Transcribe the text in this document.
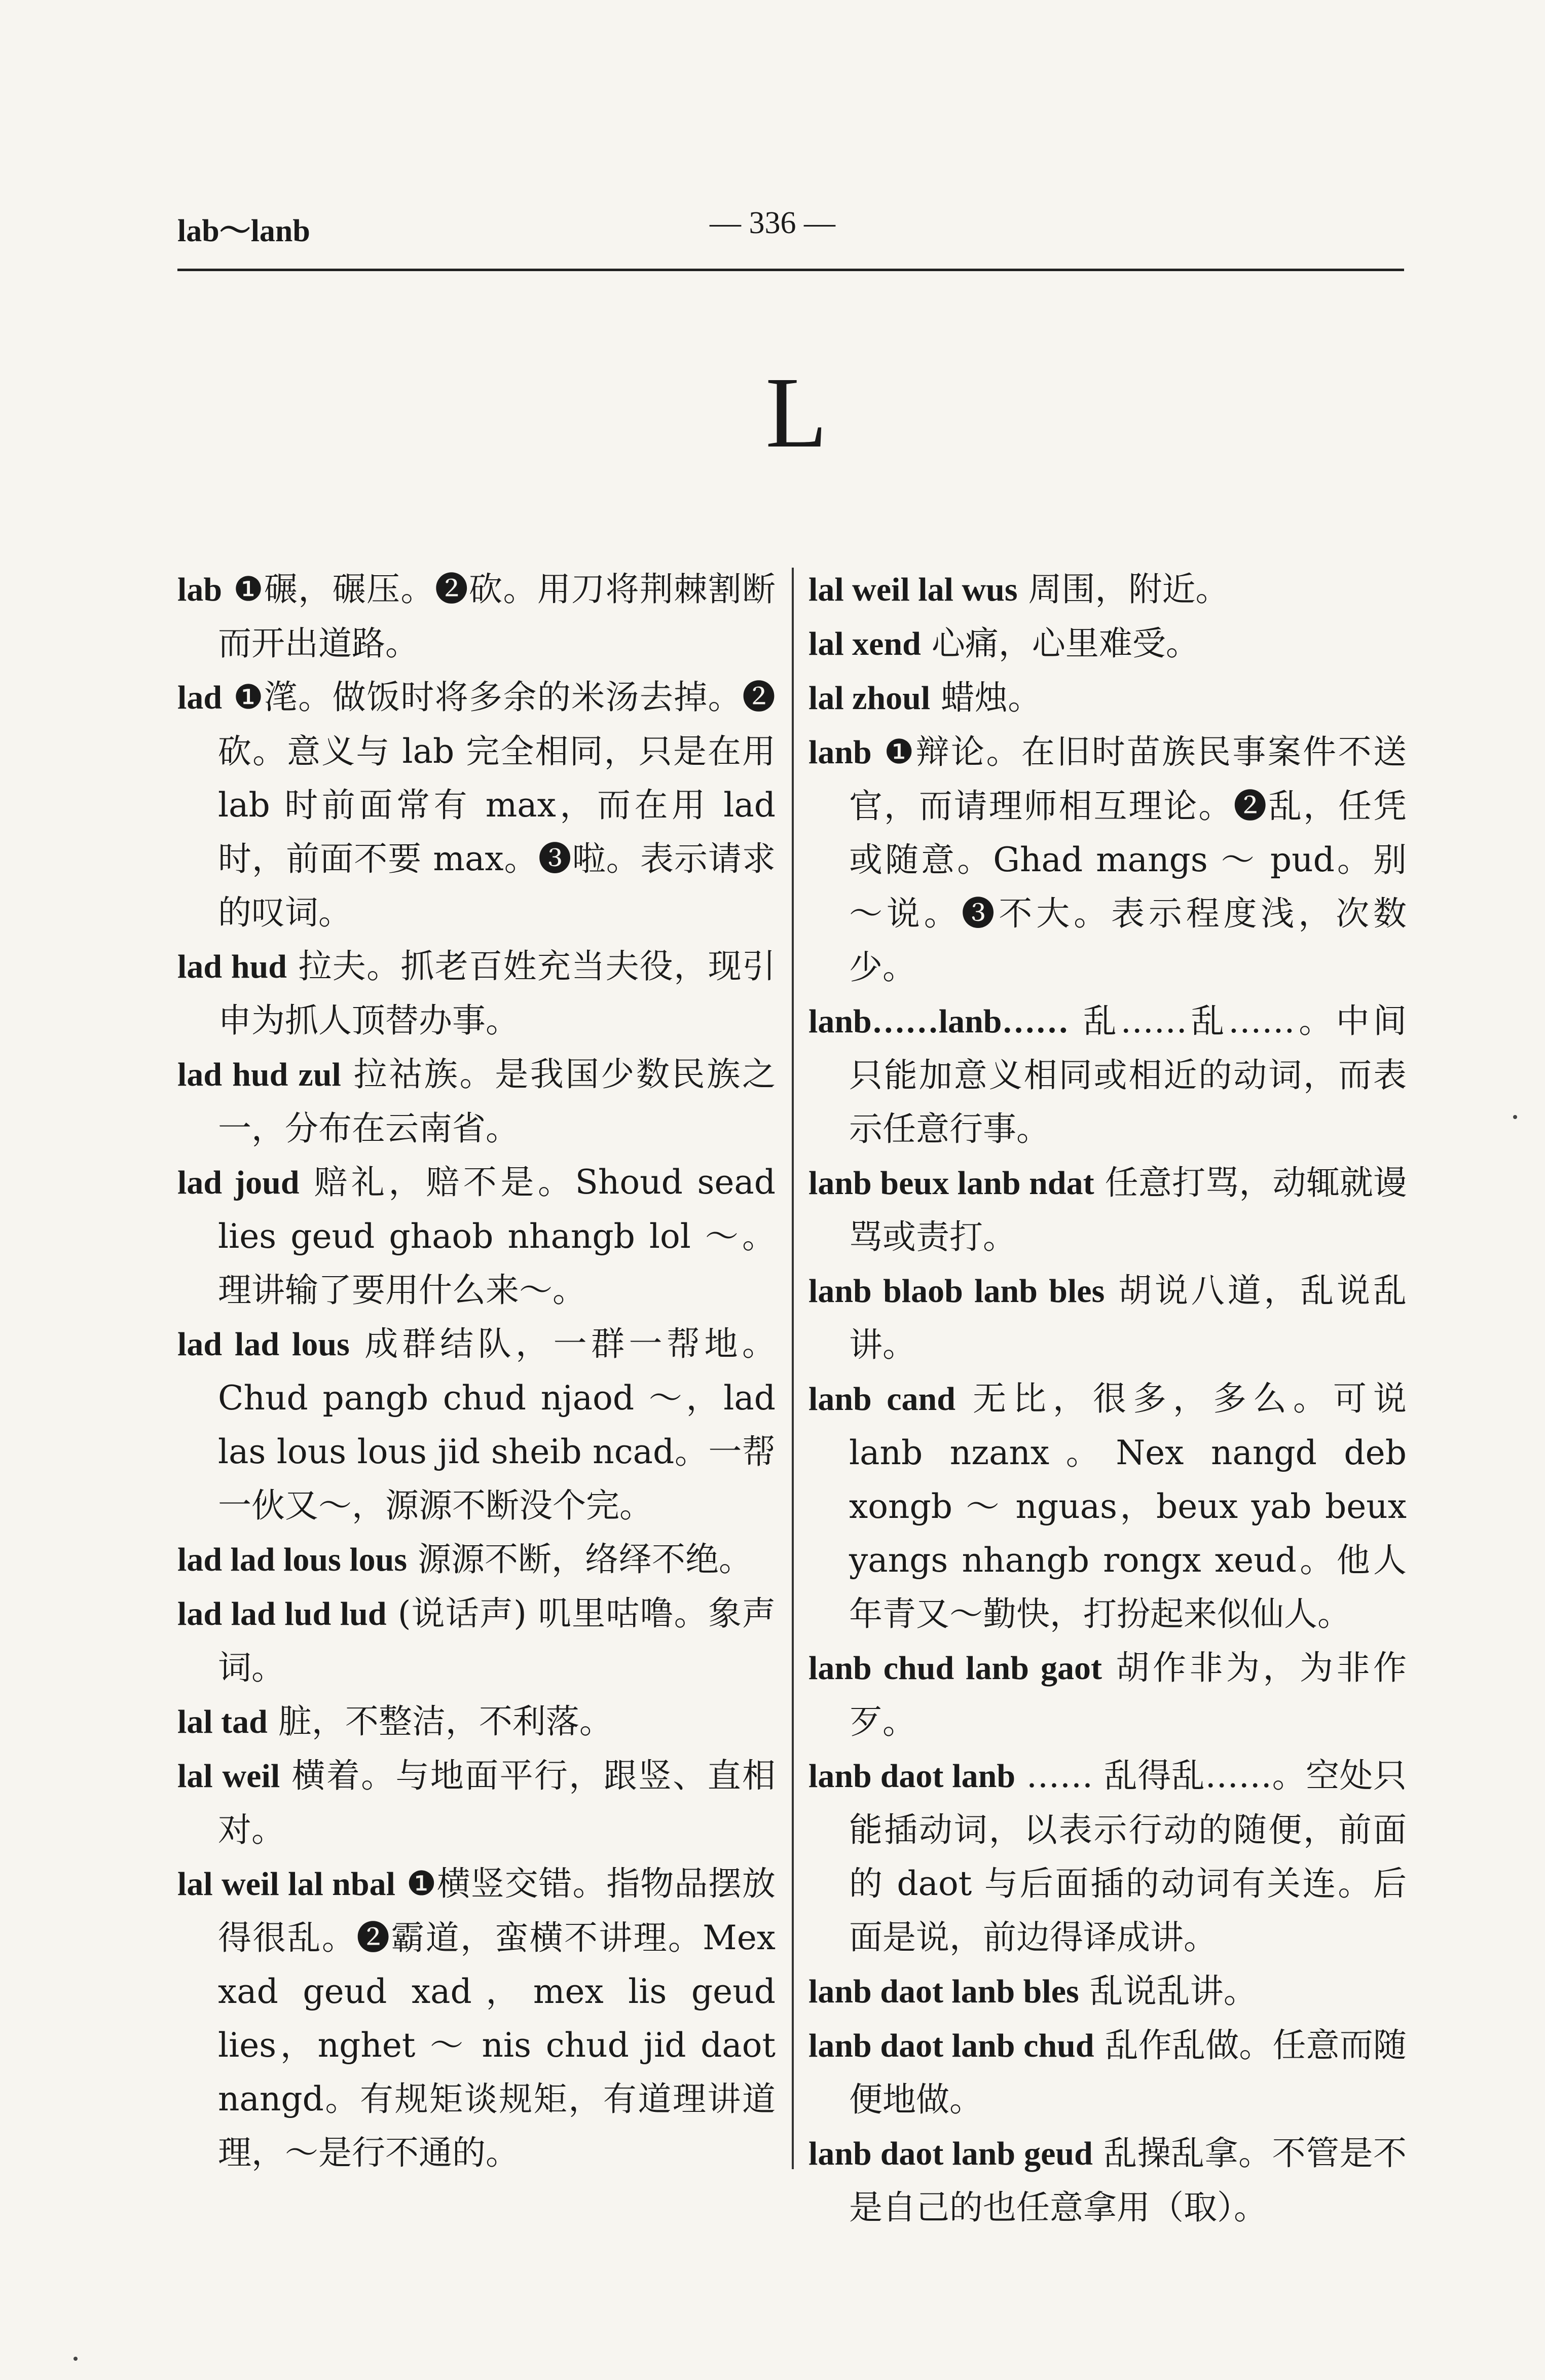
lab～lanb	— 336 —
L

lab ❶碾，碾压。❷砍。用刀将荆棘割断而开出道路。

lad ❶滗。做饭时将多余的米汤去掉。❷砍。意义与 lab 完全相同，只是在用 lab 时前面常有 max，而在用 lad 时，前面不要 max。❸啦。表示请求的叹词。

lad hud 拉夫。抓老百姓充当夫役，现引申为抓人顶替办事。

lad hud zul 拉祜族。是我国少数民族之一，分布在云南省。

lad joud 赔礼，赔不是。Shoud sead lies geud ghaob nhangb lol ～。理讲输了要用什么来～。

lad lad lous 成群结队，一群一帮地。Chud pangb chud njaod ～，lad las lous lous jid sheib ncad。一帮一伙又～，源源不断没个完。

lad lad lous lous 源源不断，络绎不绝。

lad lad lud lud (说话声) 叽里咕噜。象声词。

lal tad 脏，不整洁，不利落。

lal weil 横着。与地面平行，跟竖、直相对。

lal weil lal nbal ❶横竖交错。指物品摆放得很乱。❷霸道，蛮横不讲理。Mex xad geud xad，mex lis geud lies，nghet ～ nis chud jid daot nangd。有规矩谈规矩，有道理讲道理，～是行不通的。

lal weil lal wus 周围，附近。

lal xend 心痛，心里难受。

lal zhoul 蜡烛。

lanb ❶辩论。在旧时苗族民事案件不送官，而请理师相互理论。❷乱，任凭或随意。Ghad mangs ～ pud。别～说。❸不大。表示程度浅，次数少。

lanb……lanb…… 乱……乱……。中间只能加意义相同或相近的动词，而表示任意行事。

lanb beux lanb ndat 任意打骂，动辄就谩骂或责打。

lanb blaob lanb bles 胡说八道，乱说乱讲。

lanb cand 无比，很多，多么。可说 lanb nzanx。Nex nangd deb xongb ～ nguas，beux yab beux yangs nhangb rongx xeud。他人年青又～勤快，打扮起来似仙人。

lanb chud lanb gaot 胡作非为，为非作歹。

lanb daot lanb …… 乱得乱……。空处只能插动词，以表示行动的随便，前面的 daot 与后面插的动词有关连。后面是说，前边得译成讲。

lanb daot lanb bles 乱说乱讲。

lanb daot lanb chud 乱作乱做。任意而随便地做。

lanb daot lanb geud 乱操乱拿。不管是不是自己的也任意拿用（取）。
